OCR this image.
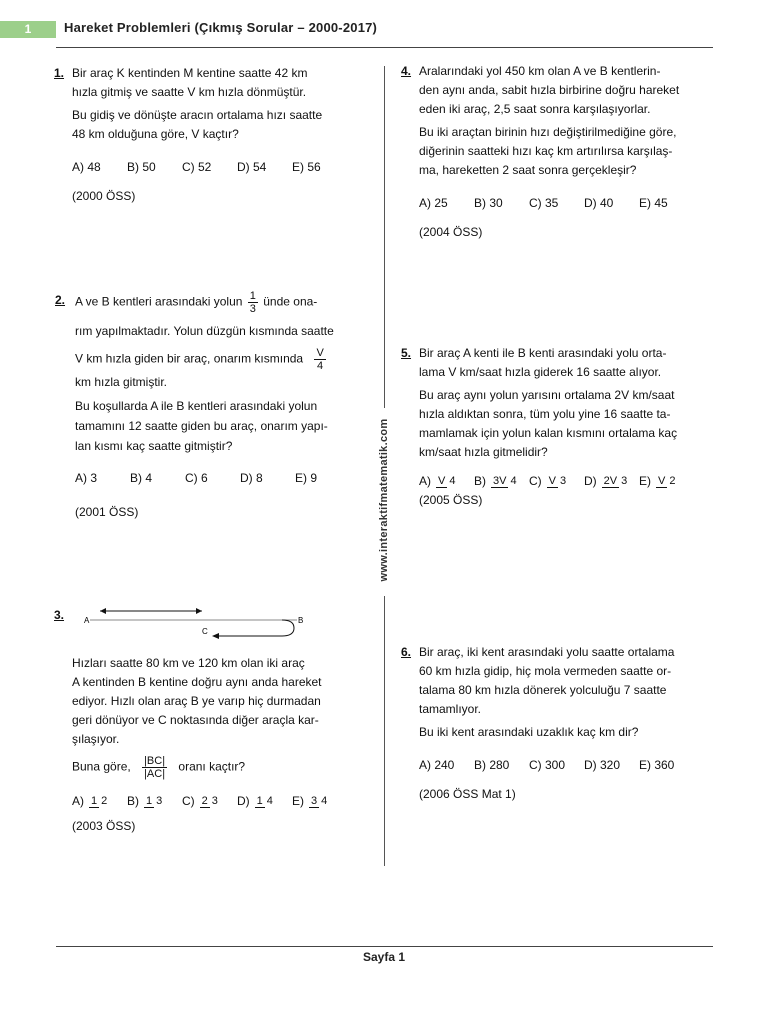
1	Hareket Problemleri (Çıkmış Sorular – 2000-2017)
www.interaktifmatematik.com
1. Bir araç K kentinden M kentine saatte 42 km

hızla gitmiş ve saatte V km hızla dönmüştür.

Bu gidiş ve dönüşte aracın ortalama hızı saatte

48 km olduğuna göre, V kaçtır?

A) 48	B) 50	C) 52	D) 54	E) 56

(2000 ÖSS)

2. A ve B kentleri arasındaki yolun $\frac{1}{3}$ ünde ona-

rım yapılmaktadır. Yolun düzgün kısmında saatte

V km hızla giden bir araç, onarım kısmında $\frac{V}{4}$

km hızla gitmiştir.

Bu koşullarda A ile B kentleri arasındaki yolun

tamamını 12 saatte giden bu araç, onarım yapı-

lan kısmı kaç saatte gitmiştir?

A) 3	B) 4	C) 6	D) 8	E) 9

(2001 ÖSS)

3. A	B
C

Hızları saatte 80 km ve 120 km olan iki araç

A kentinden B kentine doğru aynı anda hareket

ediyor. Hızlı olan araç B ye varıp hiç durmadan

geri dönüyor ve C noktasında diğer araçla kar-

şılaşıyor.

Buna göre, $\frac{|BC|}{|AC|}$ oranı kaçtır?

A) 1 2	B) 1 3	C) 2 3	D) 1 4	E) 3 4

(2003 ÖSS)

4. Aralarındaki yol 450 km olan A ve B kentlerin-

den aynı anda, sabit hızla birbirine doğru hareket

eden iki araç, 2,5 saat sonra karşılaşıyorlar.

Bu iki araçtan birinin hızı değiştirilmediğine göre,

diğerinin saatteki hızı kaç km artırılırsa karşılaş-

ma, hareketten 2 saat sonra gerçekleşir?

A) 25	B) 30	C) 35	D) 40	E) 45

(2004 ÖSS)

5. Bir araç A kenti ile B kenti arasındaki yolu orta-

lama V km/saat hızla giderek 16 saatte alıyor.

Bu araç aynı yolun yarısını ortalama 2V km/saat

hızla aldıktan sonra, tüm yolu yine 16 saatte ta-

mamlamak için yolun kalan kısmını ortalama kaç

km/saat hızla gitmelidir?

A) V 4	B) 3V 4	C) V 3	D) 2V 3 E) V 2

(2005 ÖSS)

6. Bir araç, iki kent arasındaki yolu saatte ortalama

60 km hızla gidip, hiç mola vermeden saatte or-

talama 80 km hızla dönerek yolculuğu 7 saatte

tamamlıyor.

Bu iki kent arasındaki uzaklık kaç km dir?

A) 240	B) 280	C) 300	D) 320	E) 360

(2006 ÖSS Mat 1)

Sayfa 1
